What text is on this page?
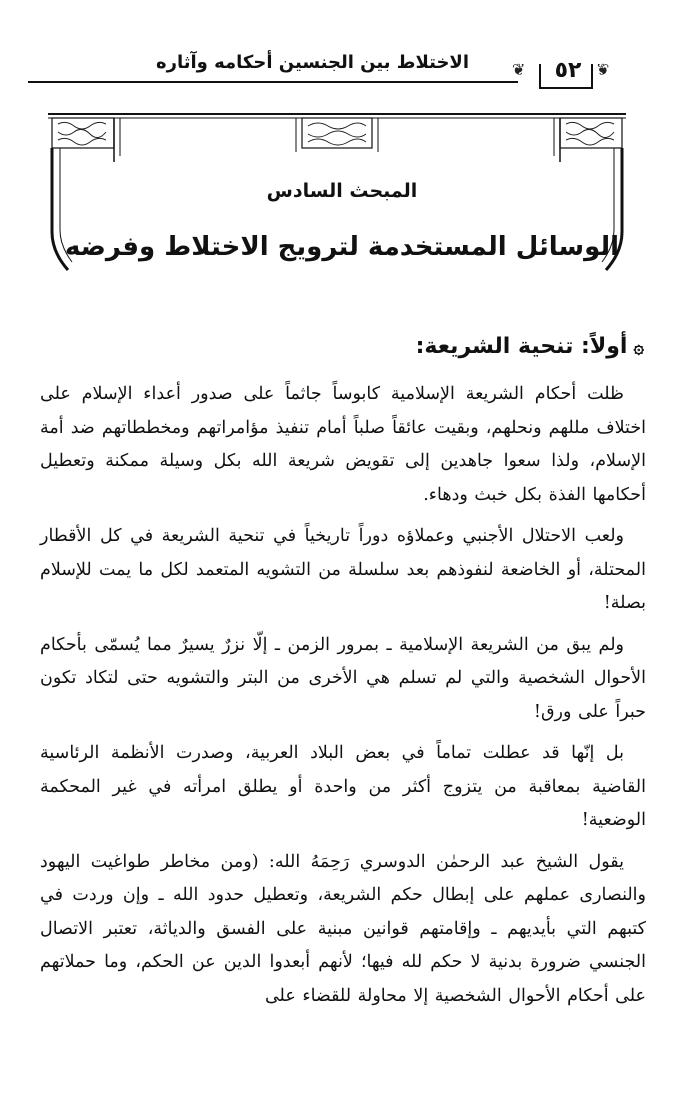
الاختلاط بين الجنسين أحكامه وآثاره	٥٢
❦	❦
المبحث السادس
الوسائل المستخدمة لترويج الاختلاط وفرضه
۞أولاً: تنحية الشريعة:

ظلت أحكام الشريعة الإسلامية كابوساً جاثماً على صدور أعداء الإسلام على اختلاف مللهم ونحلهم، وبقيت عائقاً صلباً أمام تنفيذ مؤامراتهم ومخططاتهم ضد أمة الإسلام، ولذا سعوا جاهدين إلى تقويض شريعة الله بكل وسيلة ممكنة وتعطيل أحكامها الفذة بكل خبث ودهاء.

ولعب الاحتلال الأجنبي وعملاؤه دوراً تاريخياً في تنحية الشريعة في كل الأقطار المحتلة، أو الخاضعة لنفوذهم بعد سلسلة من التشويه المتعمد لكل ما يمت للإسلام بصلة!

ولم يبق من الشريعة الإسلامية ـ بمرور الزمن ـ إلّا نزرٌ يسيرٌ مما يُسمّى بأحكام الأحوال الشخصية والتي لم تسلم هي الأخرى من البتر والتشويه حتى لتكاد تكون حبراً على ورق!

بل إنّها قد عطلت تماماً في بعض البلاد العربية، وصدرت الأنظمة الرئاسية القاضية بمعاقبة من يتزوج أكثر من واحدة أو يطلق امرأته في غير المحكمة الوضعية!

يقول الشيخ عبد الرحمٰن الدوسري رَحِمَهُ الله: (ومن مخاطر طواغيت اليهود والنصارى عملهم على إبطال حكم الشريعة، وتعطيل حدود الله ـ وإن وردت في كتبهم التي بأيديهم ـ وإقامتهم قوانين مبنية على الفسق والدياثة، تعتبر الاتصال الجنسي ضرورة بدنية لا حكم لله فيها؛ لأنهم أبعدوا الدين عن الحكم، وما حملاتهم على أحكام الأحوال الشخصية إلا محاولة للقضاء على
